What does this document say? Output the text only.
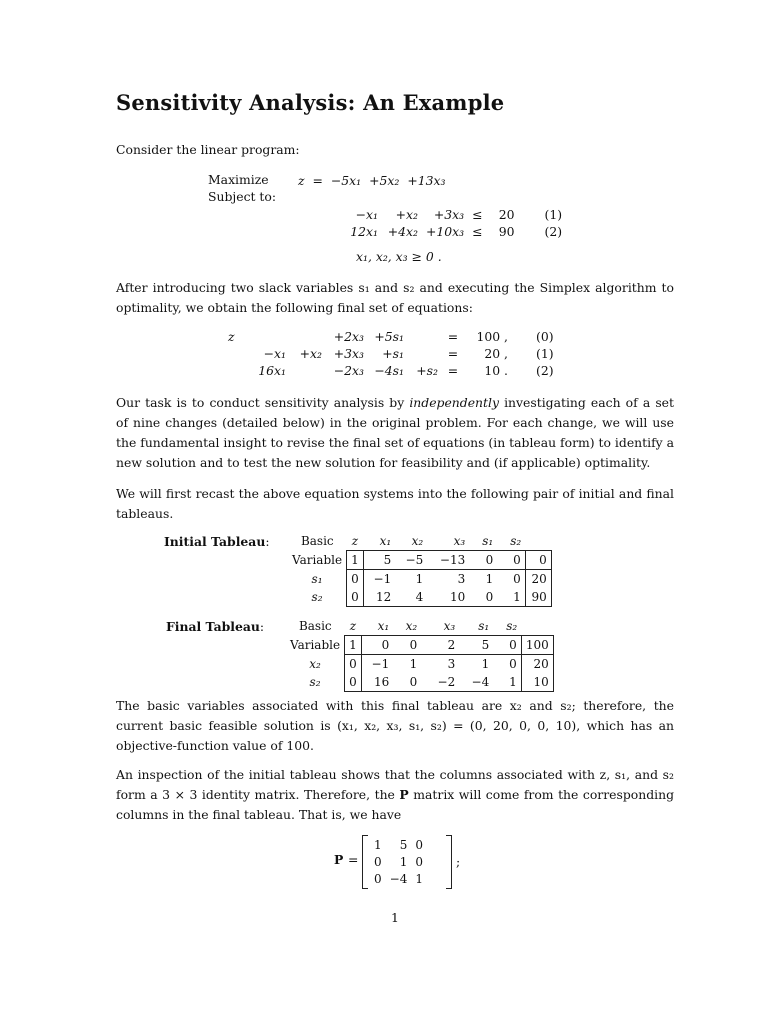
Sensitivity Analysis: An Example
Consider the linear program:
Maximize
Subject to:
z	=	−5x₁	+5x₂	+13x₃
−x₁	+x₂	+3x₃	≤	20	(1)
12x₁	+4x₂	+10x₃	≤	90	(2)
x₁, x₂, x₃ ≥ 0 .
After introducing two slack variables s₁ and s₂ and executing the Simplex algorithm to optimality, we obtain the following final set of equations:
z			+2x₃	+5s₁		=	100 ,	(0)
	−x₁	+x₂	+3x₃	+s₁		=	20 ,	(1)
	16x₁		−2x₃	−4s₁	+s₂	=	10 .	(2)
Our task is to conduct sensitivity analysis by independently investigating each of a set of nine changes (detailed below) in the original problem. For each change, we will use the fundamental insight to revise the final set of equations (in tableau form) to identify a new solution and to test the new solution for feasibility and (if applicable) optimality.
We will first recast the above equation systems into the following pair of initial and final tableaus.
Initial Tableau:	Basic	z	x₁	x₂	x₃	s₁	s₂	
Variable	1	5	−5	−13	0	0	0
s₁	0	−1	1	3	1	0	20
s₂	0	12	4	10	0	1	90
Final Tableau:	Basic	z	x₁	x₂	x₃	s₁	s₂	
Variable	1	0	0	2	5	0	100
x₂	0	−1	1	3	1	0	20
s₂	0	16	0	−2	−4	1	10
The basic variables associated with this final tableau are x₂ and s₂; therefore, the current basic feasible solution is (x₁, x₂, x₃, s₁, s₂) = (0, 20, 0, 0, 10), which has an objective-function value of 100.
An inspection of the initial tableau shows that the columns associated with z, s₁, and s₂ form a 3 × 3 identity matrix. Therefore, the P matrix will come from the corresponding columns in the final tableau. That is, we have
P =
1	5	0
0	1	0
0	−4	1
;
1
